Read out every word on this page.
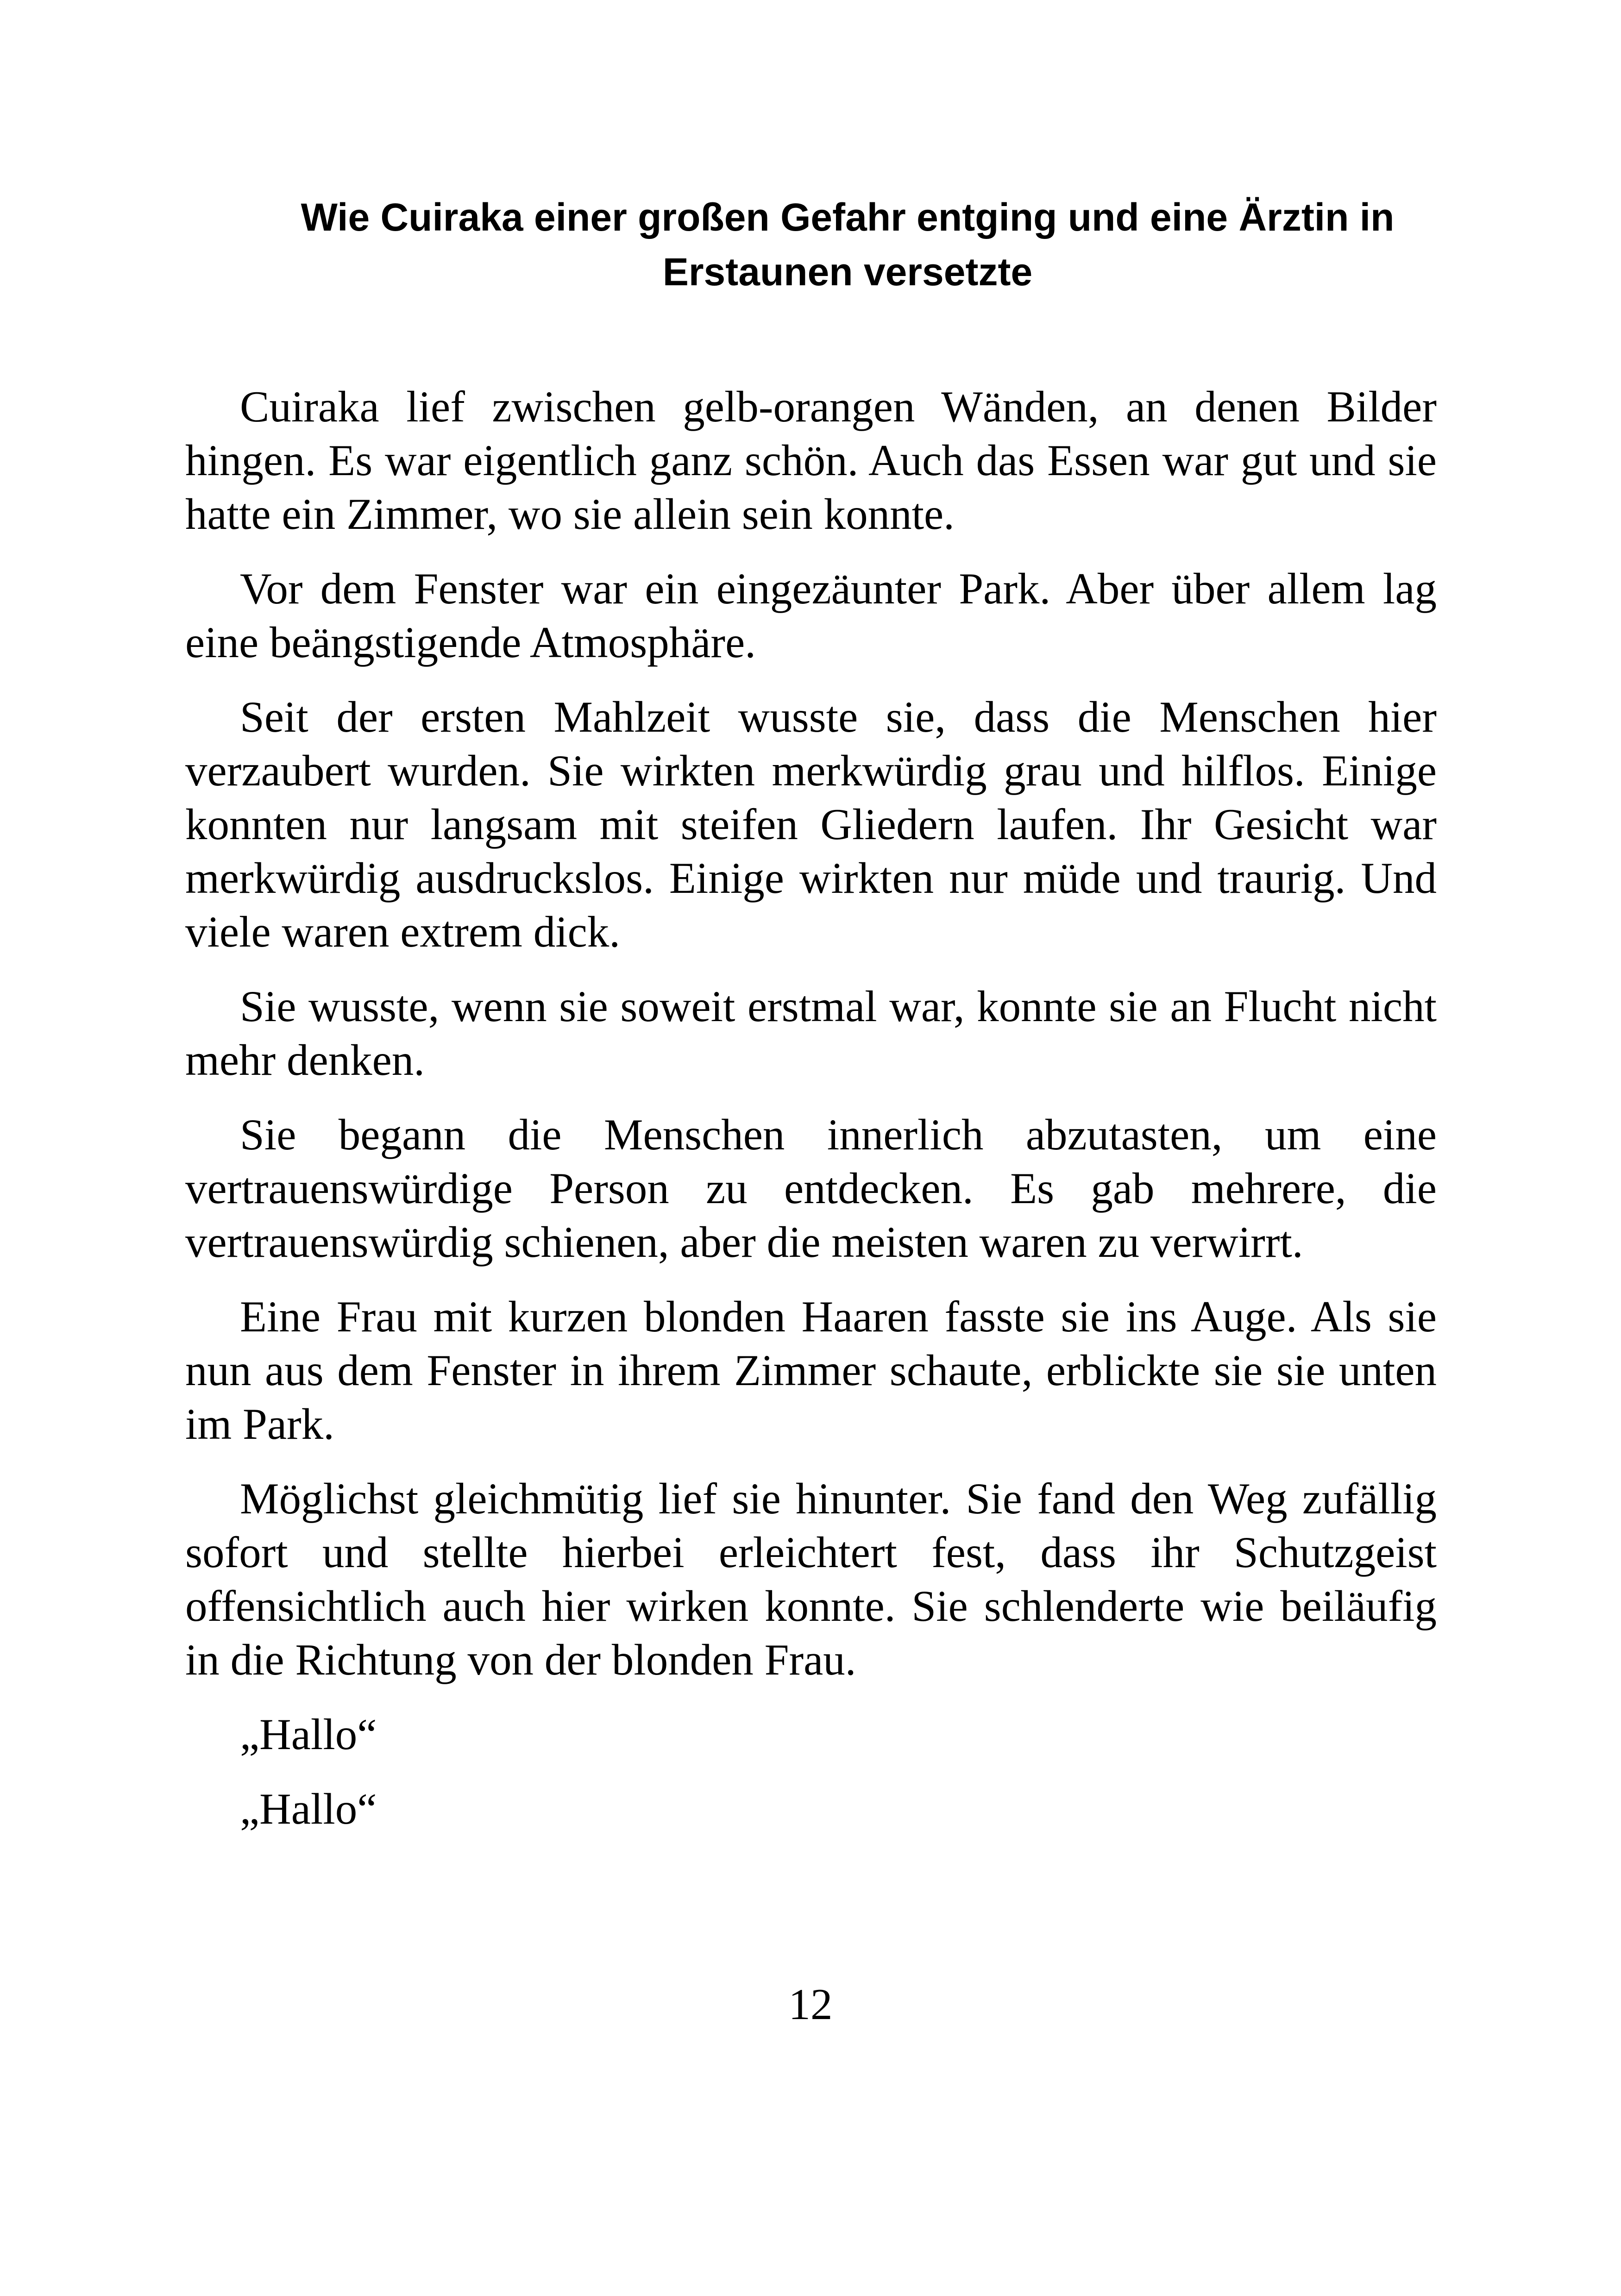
Wie Cuiraka einer großen Gefahr entging und eine Ärztin in
Erstaunen versetzte

Cuiraka lief zwischen gelb-orangen Wänden, an denen Bilder hingen. Es war eigentlich ganz schön. Auch das Essen war gut und sie hatte ein Zimmer, wo sie allein sein konnte.

Vor dem Fenster war ein eingezäunter Park. Aber über allem lag eine beängstigende Atmosphäre.

Seit der ersten Mahlzeit wusste sie, dass die Menschen hier verzaubert wurden. Sie wirkten merkwürdig grau und hilflos. Einige konnten nur langsam mit steifen Gliedern laufen. Ihr Gesicht war merkwürdig ausdruckslos. Einige wirkten nur müde und traurig. Und viele waren extrem dick.

Sie wusste, wenn sie soweit erstmal war, konnte sie an Flucht nicht mehr denken.

Sie begann die Menschen innerlich abzutasten, um eine vertrauenswürdige Person zu entdecken. Es gab mehrere, die vertrauenswürdig schienen, aber die meisten waren zu verwirrt.

Eine Frau mit kurzen blonden Haaren fasste sie ins Auge. Als sie nun aus dem Fenster in ihrem Zimmer schaute, erblickte sie sie unten im Park.

Möglichst gleichmütig lief sie hinunter. Sie fand den Weg zufällig sofort und stellte hierbei erleichtert fest, dass ihr Schutzgeist offensichtlich auch hier wirken konnte. Sie schlenderte wie beiläufig in die Richtung von der blonden Frau.

„Hallo“

„Hallo“

12
